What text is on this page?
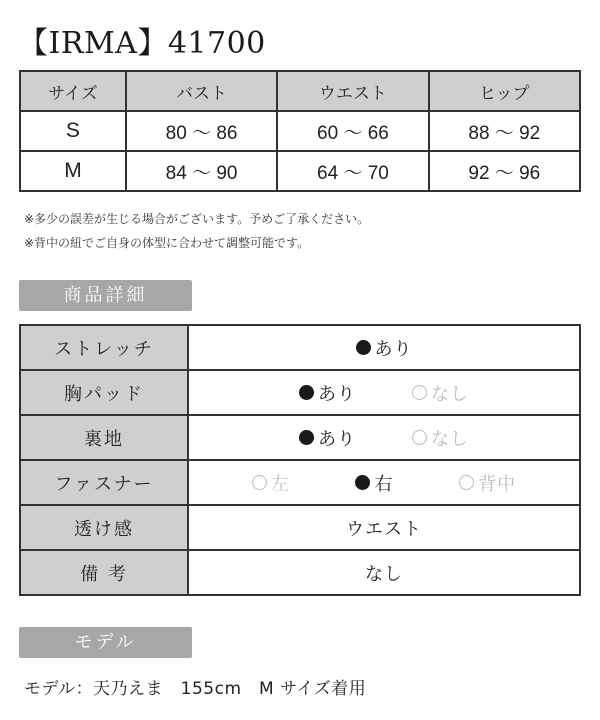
【IRMA】41700
サイズ	バスト	ウエスト	ヒップ
S	80 ～ 86	60 ～ 66	88 ～ 92
M	84 ～ 90	64 ～ 70	92 ～ 96
※多少の誤差が生じる場合がございます。予めご了承ください。
※背中の紐でご自身の体型に合わせて調整可能です。
商品詳細
ストレッチ	あり

胸パッド	あり なし

裏地	あり なし

ファスナー	左 右 背中

透け感	ウエスト
備 考	なし
モデル
モデル：天乃えま　155cm　M サイズ着用
